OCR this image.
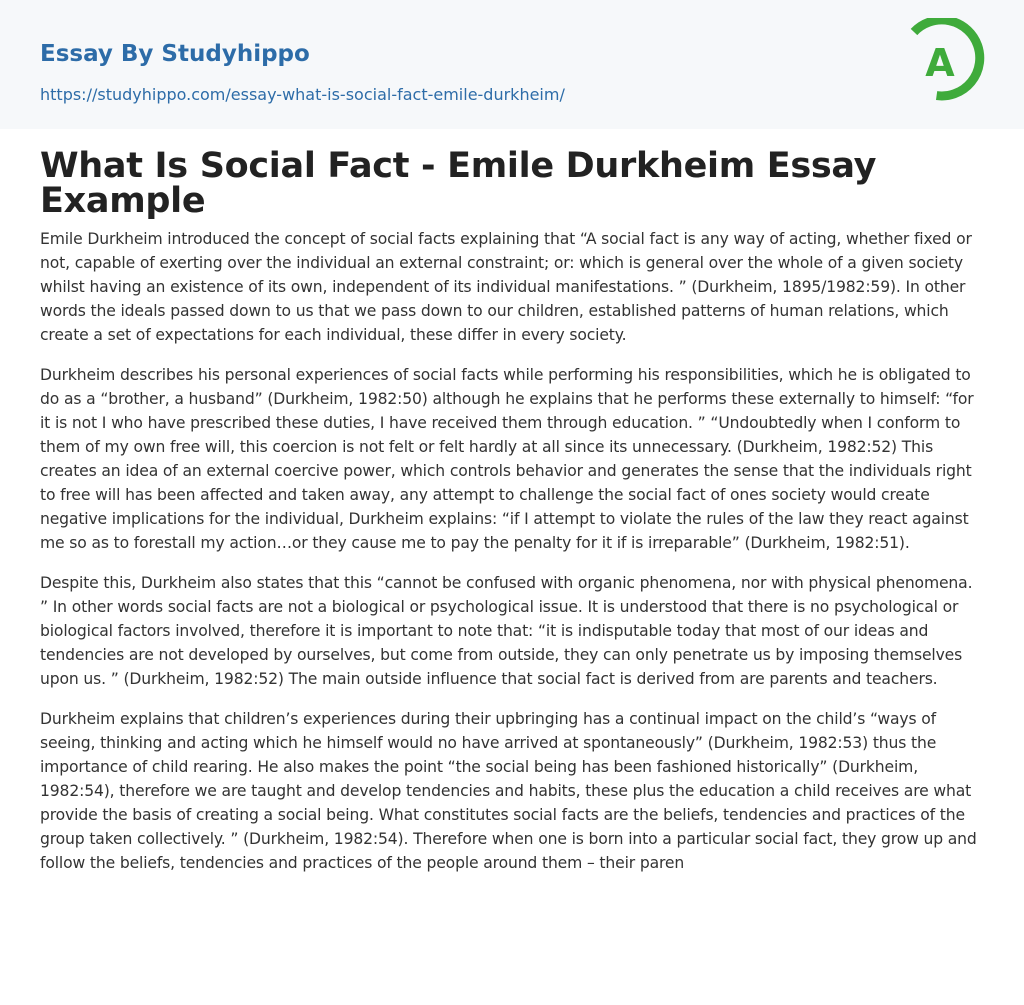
Essay By Studyhippo
https://studyhippo.com/essay-what-is-social-fact-emile-durkheim/
A
What Is Social Fact - Emile Durkheim Essay Example

Emile Durkheim introduced the concept of social facts explaining that “A social fact is any way of acting, whether fixed or not, capable of exerting over the individual an external constraint; or: which is general over the whole of a given society whilst having an existence of its own, independent of its individual manifestations. ” (Durkheim, 1895/1982:59). In other words the ideals passed down to us that we pass down to our children, established patterns of human relations, which create a set of expectations for each individual, these differ in every society.

Durkheim describes his personal experiences of social facts while performing his responsibilities, which he is obligated to do as a “brother, a husband” (Durkheim, 1982:50) although he explains that he performs these externally to himself: “for it is not I who have prescribed these duties, I have received them through education. ” “Undoubtedly when I conform to them of my own free will, this coercion is not felt or felt hardly at all since its unnecessary. (Durkheim, 1982:52) This creates an idea of an external coercive power, which controls behavior and generates the sense that the individuals right to free will has been affected and taken away, any attempt to challenge the social fact of ones society would create negative implications for the individual, Durkheim explains: “if I attempt to violate the rules of the law they react against me so as to forestall my action…or they cause me to pay the penalty for it if is irreparable” (Durkheim, 1982:51).

Despite this, Durkheim also states that this “cannot be confused with organic phenomena, nor with physical phenomena. ” In other words social facts are not a biological or psychological issue. It is understood that there is no psychological or biological factors involved, therefore it is important to note that: “it is indisputable today that most of our ideas and tendencies are not developed by ourselves, but come from outside, they can only penetrate us by imposing themselves upon us. ” (Durkheim, 1982:52) The main outside influence that social fact is derived from are parents and teachers.

Durkheim explains that children’s experiences during their upbringing has a continual impact on the child’s “ways of seeing, thinking and acting which he himself would no have arrived at spontaneously” (Durkheim, 1982:53) thus the importance of child rearing. He also makes the point “the social being has been fashioned historically” (Durkheim, 1982:54), therefore we are taught and develop tendencies and habits, these plus the education a child receives are what provide the basis of creating a social being. What constitutes social facts are the beliefs, tendencies and practices of the group taken collectively. ” (Durkheim, 1982:54). Therefore when one is born into a particular social fact, they grow up and follow the beliefs, tendencies and practices of the people around them – their paren
